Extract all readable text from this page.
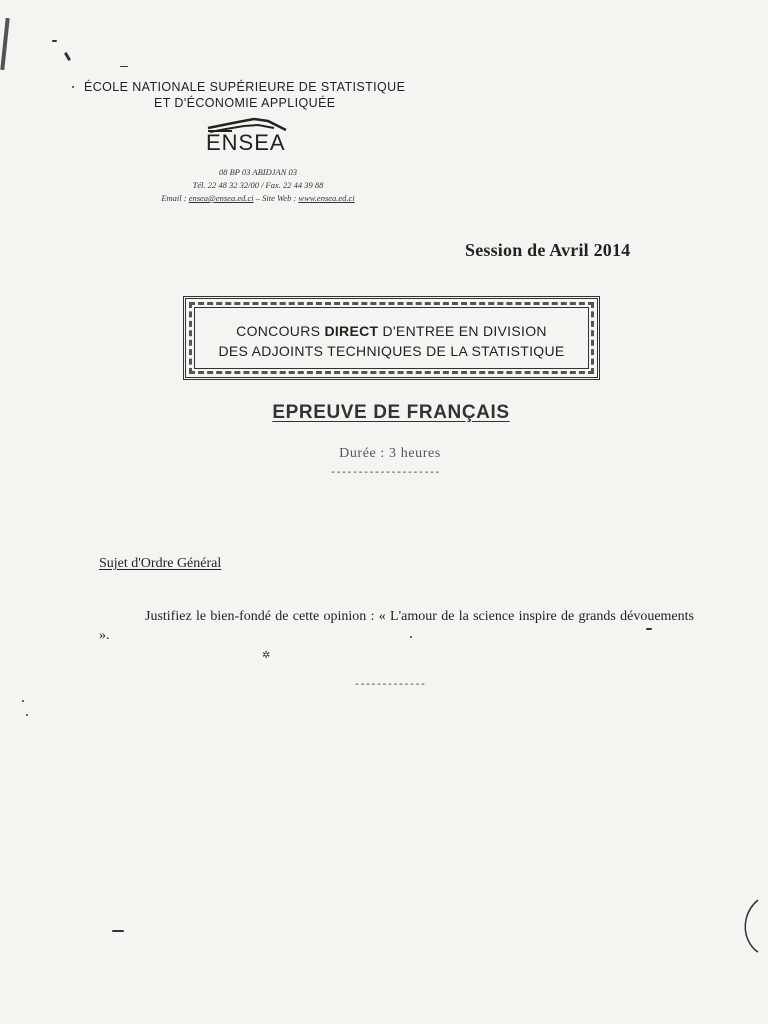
ÉCOLE NATIONALE SUPÉRIEURE DE STATISTIQUE
ET D'ÉCONOMIE APPLIQUÉE
ENSEA
08 BP 03 ABIDJAN 03
Tél. 22 48 32 32/00 / Fax. 22 44 39 88
Email : ensea@ensea.ed.ci – Site Web : www.ensea.ed.ci
Session de Avril 2014
CONCOURS DIRECT D'ENTREE EN DIVISION
DES ADJOINTS TECHNIQUES DE LA STATISTIQUE
EPREUVE DE FRANÇAIS
Durée : 3 heures
--------------------
Sujet d'Ordre Général
Justifiez le bien-fondé de cette opinion : « L'amour de la science inspire de grands dévouements ».
✲
-------------
